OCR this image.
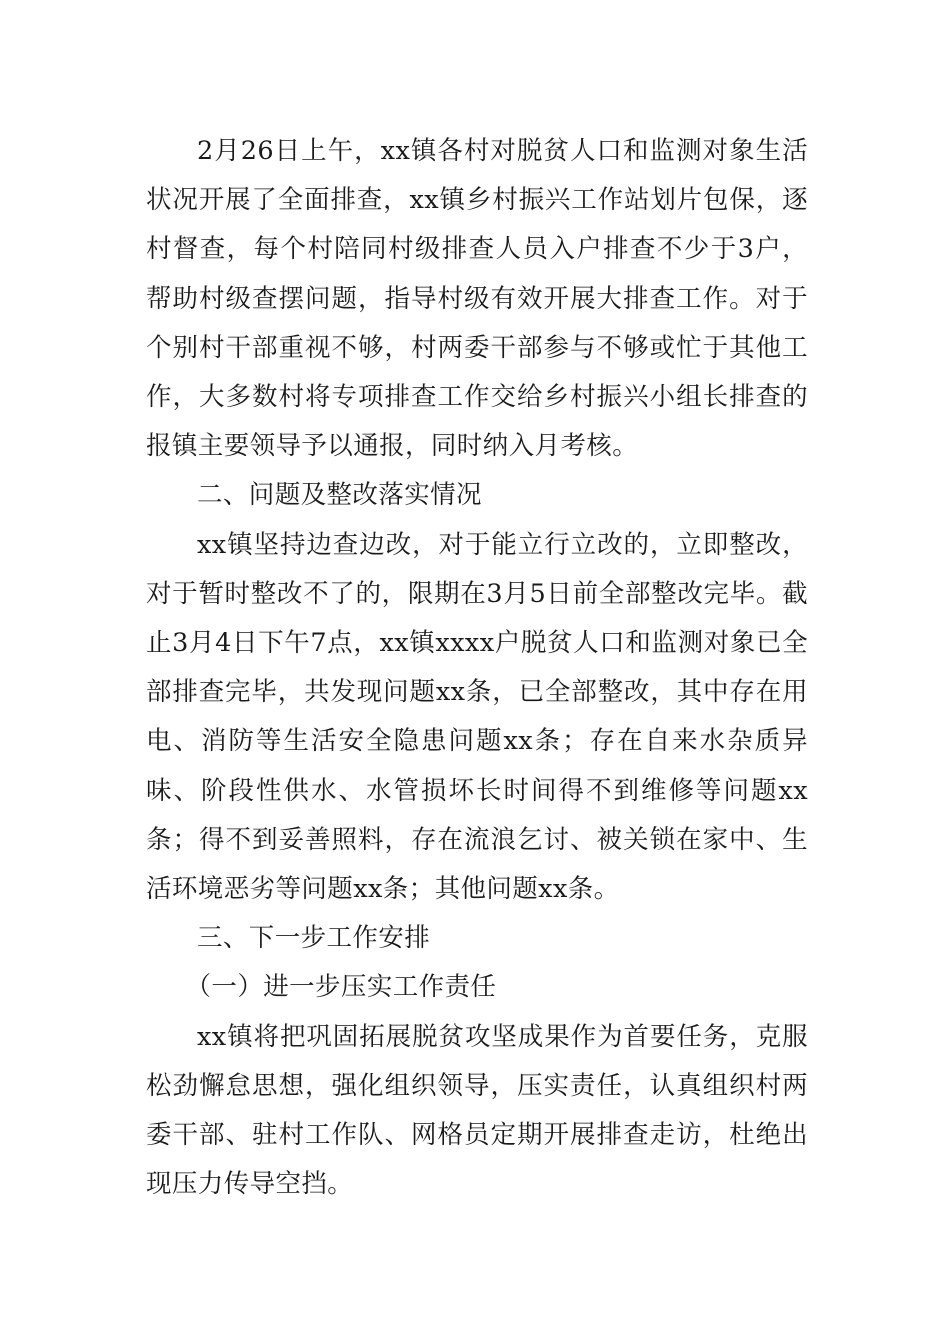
2月26日上午，xx镇各村对脱贫人口和监测对象生活状况开展了全面排查，xx镇乡村振兴工作站划片包保，逐村督查，每个村陪同村级排查人员入户排查不少于3户，帮助村级查摆问题，指导村级有效开展大排查工作。对于个别村干部重视不够，村两委干部参与不够或忙于其他工作，大多数村将专项排查工作交给乡村振兴小组长排查的报镇主要领导予以通报，同时纳入月考核。

二、问题及整改落实情况

xx镇坚持边查边改，对于能立行立改的，立即整改，对于暂时整改不了的，限期在3月5日前全部整改完毕。截止3月4日下午7点，xx镇xxxx户脱贫人口和监测对象已全部排查完毕，共发现问题xx条，已全部整改，其中存在用电、消防等生活安全隐患问题xx条；存在自来水杂质异味、阶段性供水、水管损坏长时间得不到维修等问题xx条；得不到妥善照料，存在流浪乞讨、被关锁在家中、生活环境恶劣等问题xx条；其他问题xx条。

三、下一步工作安排

（一）进一步压实工作责任

xx镇将把巩固拓展脱贫攻坚成果作为首要任务，克服松劲懈怠思想，强化组织领导，压实责任，认真组织村两委干部、驻村工作队、网格员定期开展排查走访，杜绝出现压力传导空挡。
